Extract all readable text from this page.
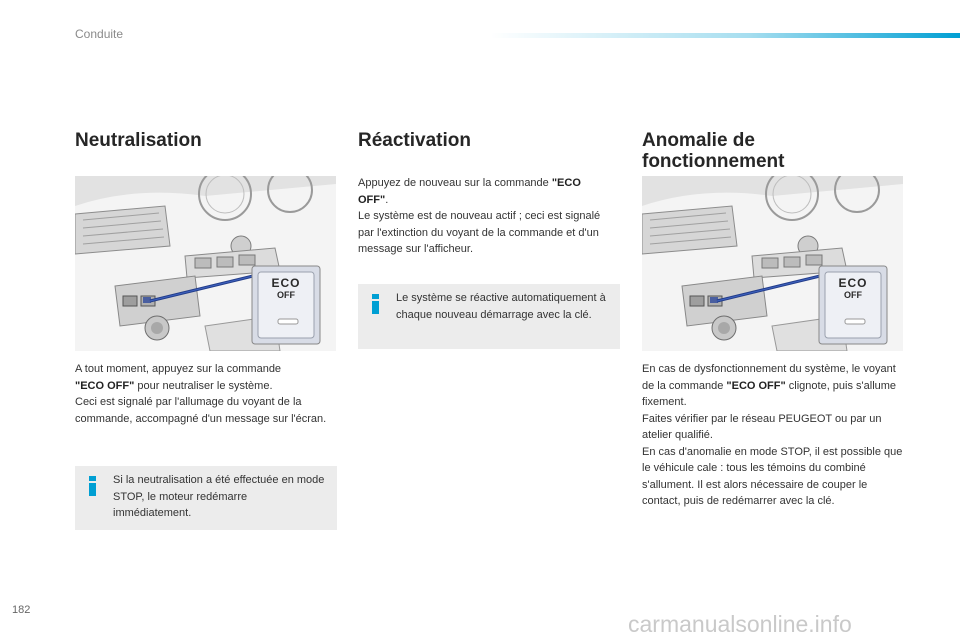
Conduite
Neutralisation
ECO
OFF
A tout moment, appuyez sur la commande
"ECO OFF" pour neutraliser le système.
Ceci est signalé par l'allumage du voyant de la commande, accompagné d'un message sur l'écran.
Si la neutralisation a été effectuée en mode STOP, le moteur redémarre immédiatement.
Réactivation
Appuyez de nouveau sur la commande "ECO OFF".
Le système est de nouveau actif ; ceci est signalé par l'extinction du voyant de la commande et d'un message sur l'afficheur.
Le système se réactive automatiquement à chaque nouveau démarrage avec la clé.
Anomalie de
fonctionnement
ECO
OFF
En cas de dysfonctionnement du système, le voyant de la commande "ECO OFF" clignote, puis s'allume fixement.
Faites vérifier par le réseau PEUGEOT ou par un atelier qualifié.
En cas d'anomalie en mode STOP, il est possible que le véhicule cale : tous les témoins du combiné s'allument. Il est alors nécessaire de couper le contact, puis de redémarrer avec la clé.
182
carmanualsonline.info
